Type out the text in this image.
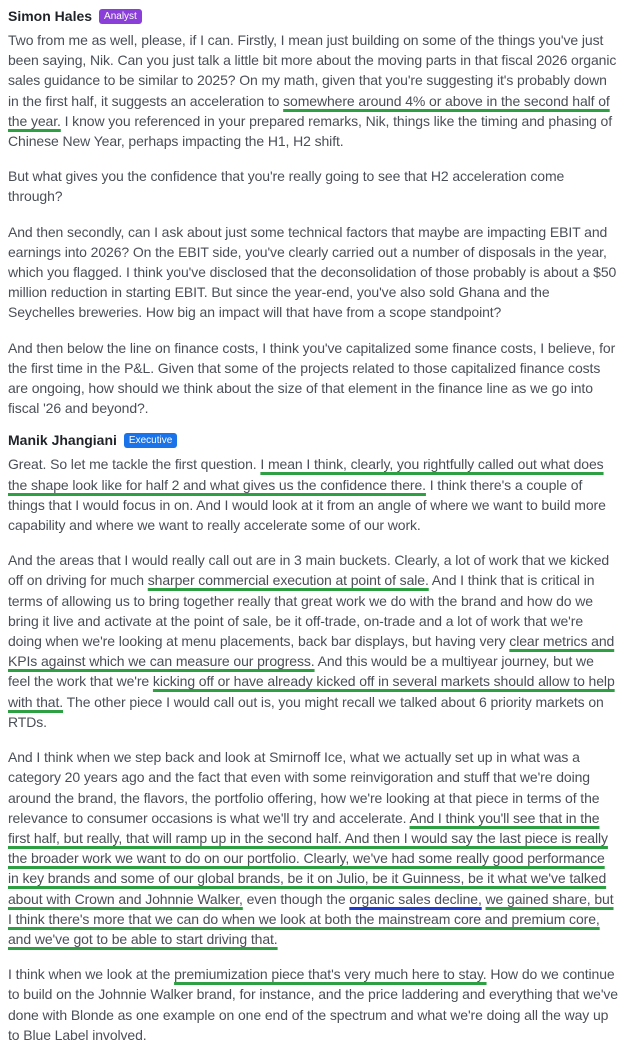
Simon Hales	Analyst

Two from me as well, please, if I can. Firstly, I mean just building on some of the things you've just been saying, Nik. Can you just talk a little bit more about the moving parts in that fiscal 2026 organic sales guidance to be similar to 2025? On my math, given that you're suggesting it's probably down in the first half, it suggests an acceleration to somewhere around 4% or above in the second half of the year. I know you referenced in your prepared remarks, Nik, things like the timing and phasing of Chinese New Year, perhaps impacting the H1, H2 shift.

But what gives you the confidence that you're really going to see that H2 acceleration come through?

And then secondly, can I ask about just some technical factors that maybe are impacting EBIT and earnings into 2026? On the EBIT side, you've clearly carried out a number of disposals in the year, which you flagged. I think you've disclosed that the deconsolidation of those probably is about a $50 million reduction in starting EBIT. But since the year-end, you've also sold Ghana and the Seychelles breweries. How big an impact will that have from a scope standpoint?

And then below the line on finance costs, I think you've capitalized some finance costs, I believe, for the first time in the P&L. Given that some of the projects related to those capitalized finance costs are ongoing, how should we think about the size of that element in the finance line as we go into fiscal '26 and beyond?.

Manik Jhangiani	Executive

Great. So let me tackle the first question. I mean I think, clearly, you rightfully called out what does the shape look like for half 2 and what gives us the confidence there. I think there's a couple of things that I would focus in on. And I would look at it from an angle of where we want to build more capability and where we want to really accelerate some of our work.

And the areas that I would really call out are in 3 main buckets. Clearly, a lot of work that we kicked off on driving for much sharper commercial execution at point of sale. And I think that is critical in terms of allowing us to bring together really that great work we do with the brand and how do we bring it live and activate at the point of sale, be it off-trade, on-trade and a lot of work that we're doing when we're looking at menu placements, back bar displays, but having very clear metrics and KPIs against which we can measure our progress. And this would be a multiyear journey, but we feel the work that we're kicking off or have already kicked off in several markets should allow to help with that. The other piece I would call out is, you might recall we talked about 6 priority markets on RTDs.

And I think when we step back and look at Smirnoff Ice, what we actually set up in what was a category 20 years ago and the fact that even with some reinvigoration and stuff that we're doing around the brand, the flavors, the portfolio offering, how we're looking at that piece in terms of the relevance to consumer occasions is what we'll try and accelerate. And I think you'll see that in the first half, but really, that will ramp up in the second half. And then I would say the last piece is really the broader work we want to do on our portfolio. Clearly, we've had some really good performance in key brands and some of our global brands, be it on Julio, be it Guinness, be it what we've talked about with Crown and Johnnie Walker, even though the organic sales decline, we gained share, but I think there's more that we can do when we look at both the mainstream core and premium core, and we've got to be able to start driving that.

I think when we look at the premiumization piece that's very much here to stay. How do we continue to build on the Johnnie Walker brand, for instance, and the price laddering and everything that we've done with Blonde as one example on one end of the spectrum and what we're doing all the way up to Blue Label involved.
